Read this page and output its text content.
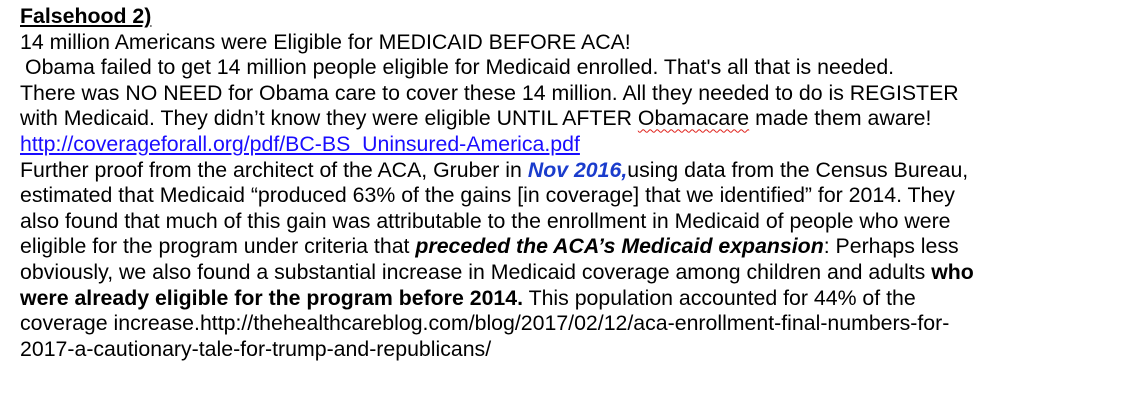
Falsehood 2)
14 million Americans were Eligible for MEDICAID BEFORE ACA!
Obama failed to get 14 million people eligible for Medicaid enrolled. That's all that is needed.
There was NO NEED for Obama care to cover these 14 million. All they needed to do is REGISTER
with Medicaid. They didn’t know they were eligible UNTIL AFTER Obamacare made them aware!
http://coverageforall.org/pdf/BC-BS_Uninsured-America.pdf
Further proof from the architect of the ACA, Gruber in Nov 2016,using data from the Census Bureau,
estimated that Medicaid “produced 63% of the gains [in coverage] that we identified” for 2014. They
also found that much of this gain was attributable to the enrollment in Medicaid of people who were
eligible for the program under criteria that preceded the ACA’s Medicaid expansion: Perhaps less
obviously, we also found a substantial increase in Medicaid coverage among children and adults who
were already eligible for the program before 2014. This population accounted for 44% of the
coverage increase.http://thehealthcareblog.com/blog/2017/02/12/aca-enrollment-final-numbers-for-
2017-a-cautionary-tale-for-trump-and-republicans/
